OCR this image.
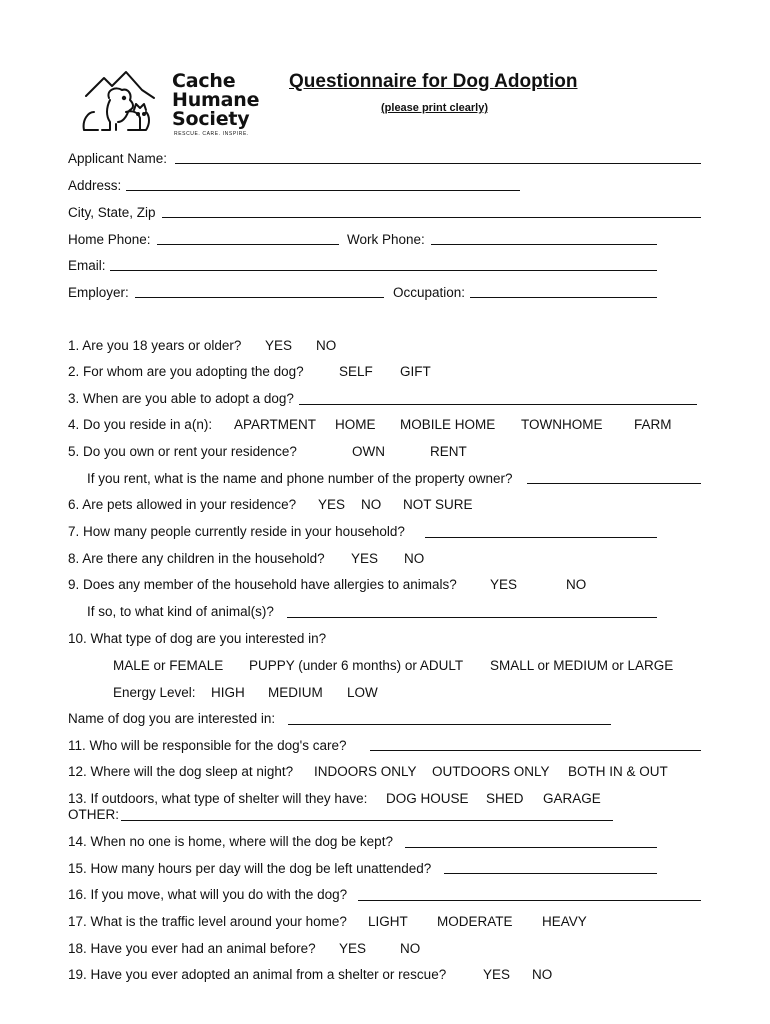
Cache
Humane
Society
RESCUE. CARE. INSPIRE.
Questionnaire for Dog Adoption
(please print clearly)
Applicant Name:
Address:
City, State, Zip
Home Phone:	Work Phone:
Email:
Employer:	Occupation:
1. Are you 18 years or older? YES NO
2. For whom are you adopting the dog?	SELF GIFT
3. When are you able to adopt a dog?
4. Do you reside in a(n): APARTMENT HOME MOBILE HOME TOWNHOME FARM
5. Do you own or rent your residence?	OWN	RENT
If you rent, what is the name and phone number of the property owner?
6. Are pets allowed in your residence? YES NO NOT SURE
7. How many people currently reside in your household?
8. Are there any children in the household? YES NO
9. Does any member of the household have allergies to animals? YES	NO
If so, to what kind of animal(s)?
10. What type of dog are you interested in?
MALE or FEMALE PUPPY (under 6 months) or ADULT SMALL or MEDIUM or LARGE
Energy Level: HIGH MEDIUM LOW
Name of dog you are interested in:
11. Who will be responsible for the dog's care?
12. Where will the dog sleep at night? INDOORS ONLY OUTDOORS ONLY BOTH IN & OUT
13. If outdoors, what type of shelter will they have: DOG HOUSE SHED GARAGE
OTHER:
14. When no one is home, where will the dog be kept?
15. How many hours per day will the dog be left unattended?
16. If you move, what will you do with the dog?
17. What is the traffic level around your home? LIGHT MODERATE HEAVY
18. Have you ever had an animal before? YES	NO
19. Have you ever adopted an animal from a shelter or rescue?	YES NO
